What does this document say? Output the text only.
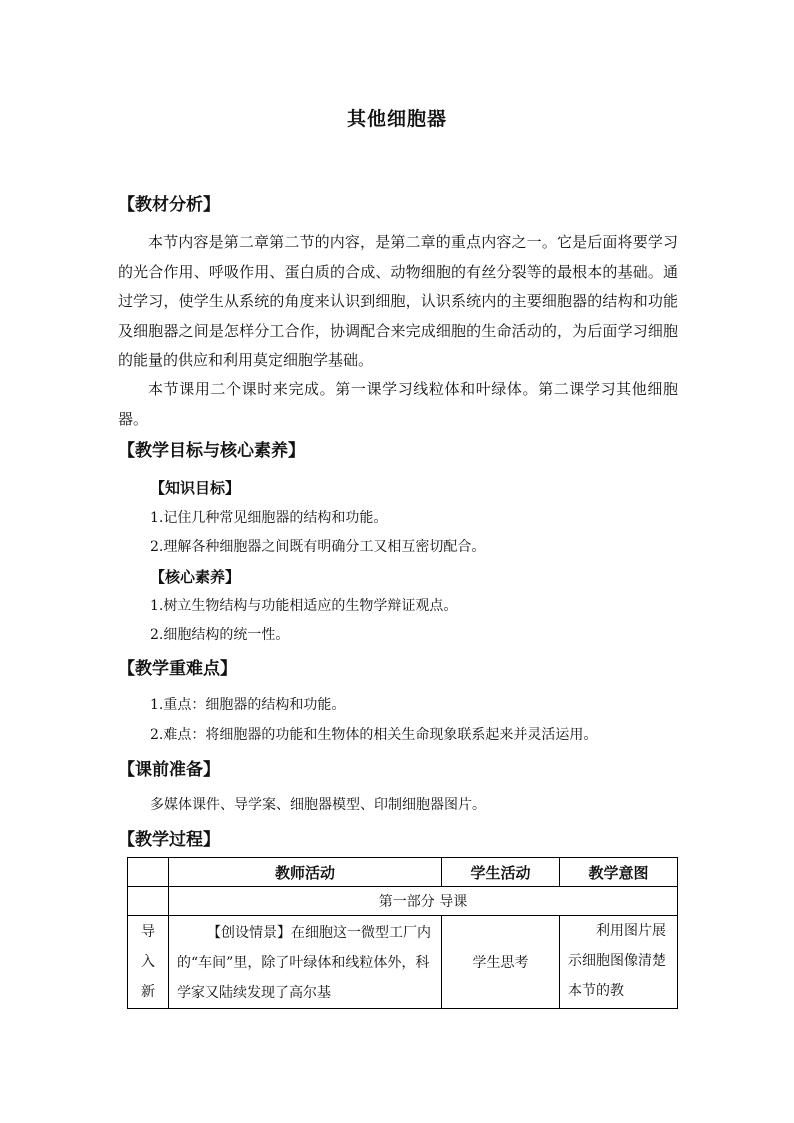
其他细胞器
【教材分析】
本节内容是第二章第二节的内容，是第二章的重点内容之一。它是后面将要学习的光合作用、呼吸作用、蛋白质的合成、动物细胞的有丝分裂等的最根本的基础。通过学习，使学生从系统的角度来认识到细胞，认识系统内的主要细胞器的结构和功能及细胞器之间是怎样分工合作，协调配合来完成细胞的生命活动的，为后面学习细胞的能量的供应和利用莫定细胞学基础。
本节课用二个课时来完成。第一课学习线粒体和叶绿体。第二课学习其他细胞器。
【教学目标与核心素养】
【知识目标】
1.记住几种常见细胞器的结构和功能。
2.理解各种细胞器之间既有明确分工又相互密切配合。
【核心素养】
1.树立生物结构与功能相适应的生物学辩证观点。
2.细胞结构的统一性。
【教学重难点】
1.重点：细胞器的结构和功能。
2.难点：将细胞器的功能和生物体的相关生命现象联系起来并灵活运用。
【课前准备】
多媒体课件、导学案、细胞器模型、印制细胞器图片。
【教学过程】
	教师活动	学生活动	教学意图
	第一部分 导课		

导
入
新	【创设情景】在细胞这一微型工厂内的“车间”里，除了叶绿体和线粒体外，科学家又陆续发现了高尔基	学生思考	利用图片展示细胞图像清楚本节的教
